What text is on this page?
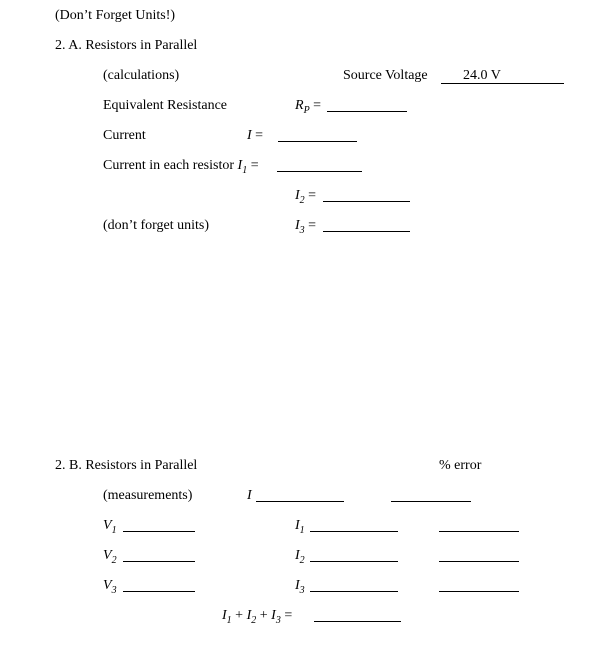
(Don’t Forget Units!)
2. A. Resistors in Parallel
(calculations)	Source Voltage	24.0 V
Equivalent Resistance	$R_P$ =
Current	I =
Current in each resistor $I_1$ =
$I_2$ =
(don’t forget units)	$I_3$ =
2. B. Resistors in Parallel	% error
(measurements)	I
$V_1$	$I_1$
$V_2$	$I_2$
$V_3$	$I_3$
$I_1 + I_2 + I_3$ =
